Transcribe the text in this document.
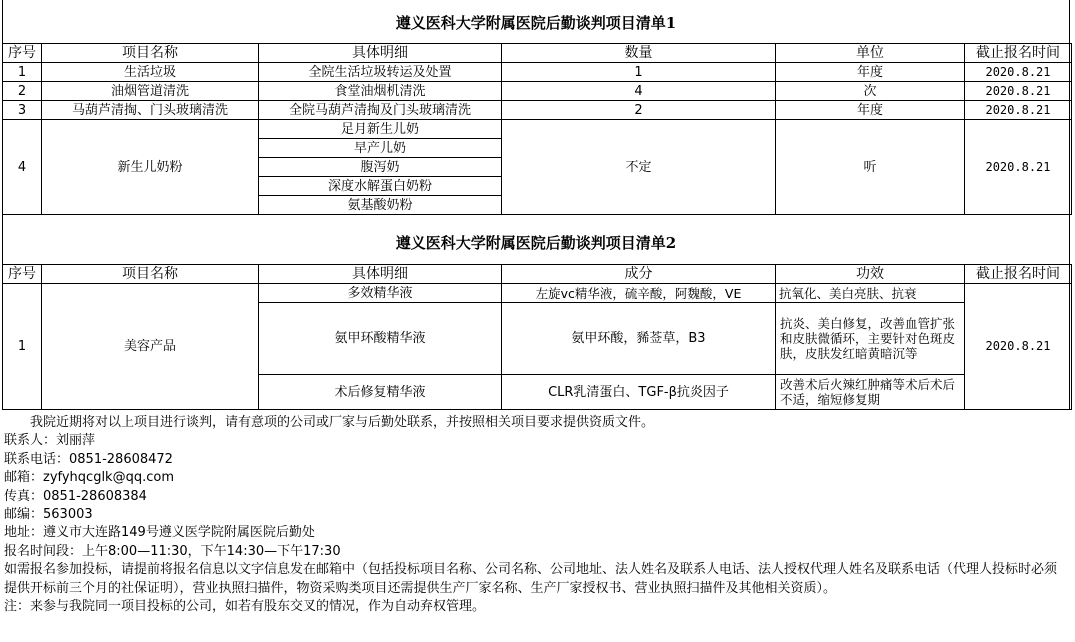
遵义医科大学附属医院后勤谈判项目清单1
序号	项目名称	具体明细	数量	单位	截止报名时间
1	生活垃圾	全院生活垃圾转运及处置	1	年度	2020.8.21
2	油烟管道清洗	食堂油烟机清洗	4	次	2020.8.21
3	马葫芦清掏、门头玻璃清洗	全院马葫芦清掏及门头玻璃清洗	2	年度	2020.8.21
4	新生儿奶粉	足月新生儿奶	不定	听	2020.8.21
		早产儿奶			
		腹泻奶			
		深度水解蛋白奶粉			
		氨基酸奶粉			
遵义医科大学附属医院后勤谈判项目清单2
序号	项目名称	具体明细	成分	功效	截止报名时间
1	美容产品	多效精华液	左旋vc精华液，硫辛酸，阿魏酸，VE	抗氧化、美白亮肤、抗衰	2020.8.21
		氨甲环酸精华液	氨甲环酸，豨莶草，B3	抗炎、美白修复，改善血管扩张和皮肤微循环，主要针对色斑皮肤，皮肤发红暗黄暗沉等	
		术后修复精华液	CLR乳清蛋白、TGF-β抗炎因子	改善术后火辣红肿痛等术后术后不适，缩短修复期	
　　我院近期将对以上项目进行谈判，请有意项的公司或厂家与后勤处联系，并按照相关项目要求提供资质文件。
联系人：刘丽萍
联系电话：0851-28608472
邮箱：zyfyhqcglk@qq.com
传真：0851-28608384
邮编：563003
地址：遵义市大连路149号遵义医学院附属医院后勤处
报名时间段：上午8:00—11:30，下午14:30—下午17:30
如需报名参加投标，请提前将报名信息以文字信息发在邮箱中（包括投标项目名称、公司名称、公司地址、法人姓名及联系人电话、法人授权代理人姓名及联系电话（代理人投标时必须提供开标前三个月的社保证明），营业执照扫描件，物资采购类项目还需提供生产厂家名称、生产厂家授权书、营业执照扫描件及其他相关资质）。
注：来参与我院同一项目投标的公司，如若有股东交叉的情况，作为自动弃权管理。
